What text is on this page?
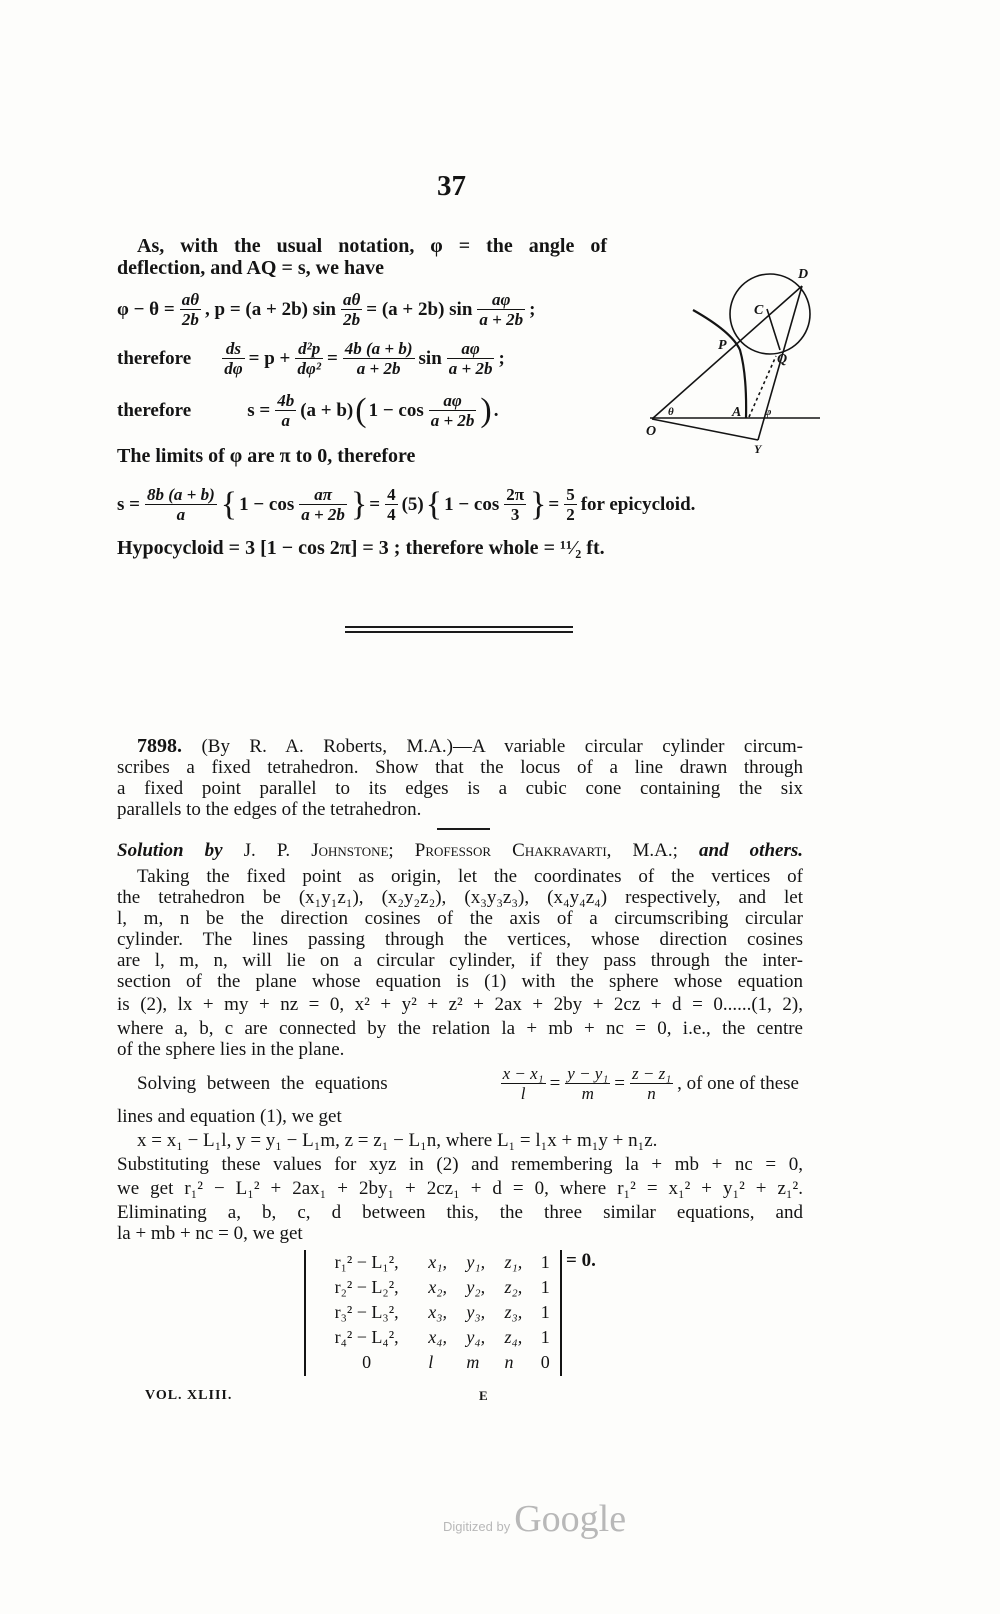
37
As, with the usual notation, φ = the angle of
deflection, and AQ = s, we have
$\varphi - \theta = \frac{a\theta}{2b}$ , p = (a + 2b) $\sin \frac{a\theta}{2b} = (a + 2b)$ $\sin \frac{a\varphi}{a + 2b}$ ;
therefore $\frac{ds}{d\varphi} = p + \frac{\text{d²p}}{\text{dφ²}} = \frac{4b (a + b)}{a + 2b}$ $\sin \frac{a\varphi}{a + 2b}$ ;
therefore	$s = \frac{4b}{a} (a + b)$ ( $1 - \cos \frac{a\varphi}{a + 2b}$ ) .
The limits of φ are π to 0, therefore
$s = \frac{8b (a + b)}{a}$ { $1 - \cos \frac{a\pi}{a + 2b}$ } = $\frac{4}{4} (5)$ { $1 - \cos \frac{2\pi}{3}$ } = $\frac{5}{2}$ for epicycloid.
Hypocycloid = 3 [1 − cos 2π] = 3 ; therefore whole = ¹¹⁄₂ ft.
D
C
P
Q
A
θ	φ
O
Y
7898. (By R. A. Roberts, M.A.)—A variable circular cylinder circum-
scribes a fixed tetrahedron. Show that the locus of a line drawn through
a fixed point parallel to its edges is a cubic cone containing the six
parallels to the edges of the tetrahedron.
Solution by J. P. Johnstone; Professor Chakravarti, M.A.; and others.
Taking the fixed point as origin, let the coordinates of the vertices of
the tetrahedron be (x₁y₁z₁), (x₂y₂z₂), (x₃y₃z₃), (x₄y₄z₄) respectively, and let
l, m, n be the direction cosines of the axis of a circumscribing circular
cylinder. The lines passing through the vertices, whose direction cosines
are l, m, n, will lie on a circular cylinder, if they pass through the inter-
section of the plane whose equation is (1) with the sphere whose equation
is (2), lx + my + nz = 0, x² + y² + z² + 2ax + 2by + 2cz + d = 0......(1, 2),
where a, b, c are connected by the relation la + mb + nc = 0, i.e., the centre
of the sphere lies in the plane.
Solving between the equations	$\frac{\text{x − x₁}}{l} = \frac{\text{y − y₁}}{m} = \frac{\text{z − z₁}}{n}$ , of one of these
lines and equation (1), we get
x = x₁ − L₁l, y = y₁ − L₁m, z = z₁ − L₁n, where L₁ = l₁x + m₁y + n₁z.
Substituting these values for xyz in (2) and remembering la + mb + nc = 0,
we get r₁² − L₁² + 2ax₁ + 2by₁ + 2cz₁ + d = 0, where r₁² = x₁² + y₁² + z₁².
Eliminating a, b, c, d between this, the three similar equations, and
la + mb + nc = 0, we get
r₁² − L₁²,	x₁,	y₁,	z₁,	1
r₂² − L₂²,	x₂,	y₂,	z₂,	1
r₃² − L₃²,	x₃,	y₃,	z₃,	1
r₄² − L₄²,	x₄,	y₄,	z₄,	1
0	l	m	n	0
= 0.
VOL. XLIII.	E
Digitized by Google
